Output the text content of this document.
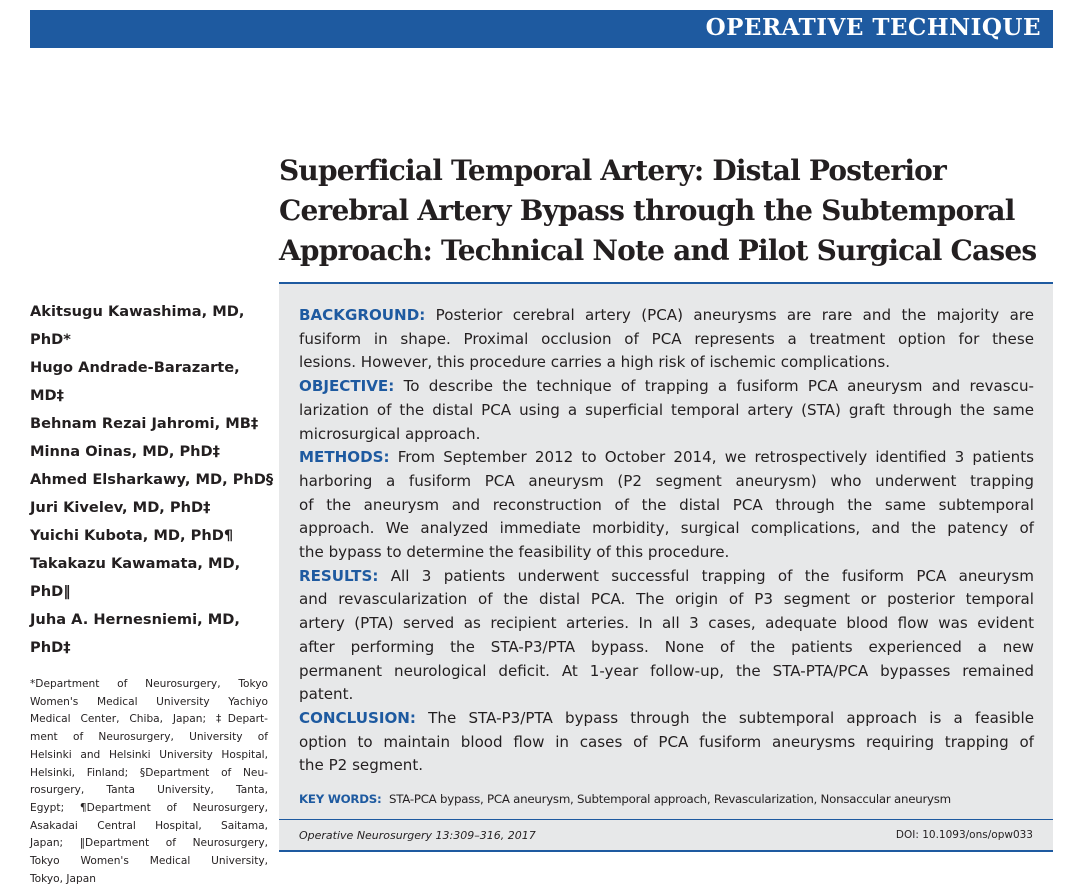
OPERATIVE TECHNIQUE
Superficial Temporal Artery: Distal Posterior
Cerebral Artery Bypass through the Subtemporal
Approach: Technical Note and Pilot Surgical Cases
Akitsugu Kawashima, MD,
PhD*
Hugo Andrade-Barazarte,
MD‡
Behnam Rezai Jahromi, MB‡
Minna Oinas, MD, PhD‡
Ahmed Elsharkawy, MD, PhD§
Juri Kivelev, MD, PhD‡
Yuichi Kubota, MD, PhD¶
Takakazu Kawamata, MD,
PhD‖
Juha A. Hernesniemi, MD,
PhD‡
*Department of Neurosurgery, Tokyo
Women's Medical University Yachiyo
Medical Center, Chiba, Japan; ‡Depart-
ment of Neurosurgery, University of
Helsinki and Helsinki University Hospital,
Helsinki, Finland; §Department of Neu-
rosurgery, Tanta University, Tanta,
Egypt; ¶Department of Neurosurgery,
Asakadai Central Hospital, Saitama,
Japan; ‖Department of Neurosurgery,
Tokyo Women's Medical University,
Tokyo, Japan
BACKGROUND: Posterior cerebral artery (PCA) aneurysms are rare and the majority are
fusiform in shape. Proximal occlusion of PCA represents a treatment option for these
lesions. However, this procedure carries a high risk of ischemic complications.
OBJECTIVE: To describe the technique of trapping a fusiform PCA aneurysm and revascu-
larization of the distal PCA using a superficial temporal artery (STA) graft through the same
microsurgical approach.
METHODS: From September 2012 to October 2014, we retrospectively identified 3 patients
harboring a fusiform PCA aneurysm (P2 segment aneurysm) who underwent trapping
of the aneurysm and reconstruction of the distal PCA through the same subtemporal
approach. We analyzed immediate morbidity, surgical complications, and the patency of
the bypass to determine the feasibility of this procedure.
RESULTS: All 3 patients underwent successful trapping of the fusiform PCA aneurysm
and revascularization of the distal PCA. The origin of P3 segment or posterior temporal
artery (PTA) served as recipient arteries. In all 3 cases, adequate blood flow was evident
after performing the STA-P3/PTA bypass. None of the patients experienced a new
permanent neurological deficit. At 1-year follow-up, the STA-PTA/PCA bypasses remained
patent.
CONCLUSION: The STA-P3/PTA bypass through the subtemporal approach is a feasible
option to maintain blood flow in cases of PCA fusiform aneurysms requiring trapping of
the P2 segment.
KEY WORDS: STA-PCA bypass, PCA aneurysm, Subtemporal approach, Revascularization, Nonsaccular aneurysm
Operative Neurosurgery 13:309–316, 2017	DOI: 10.1093/ons/opw033
